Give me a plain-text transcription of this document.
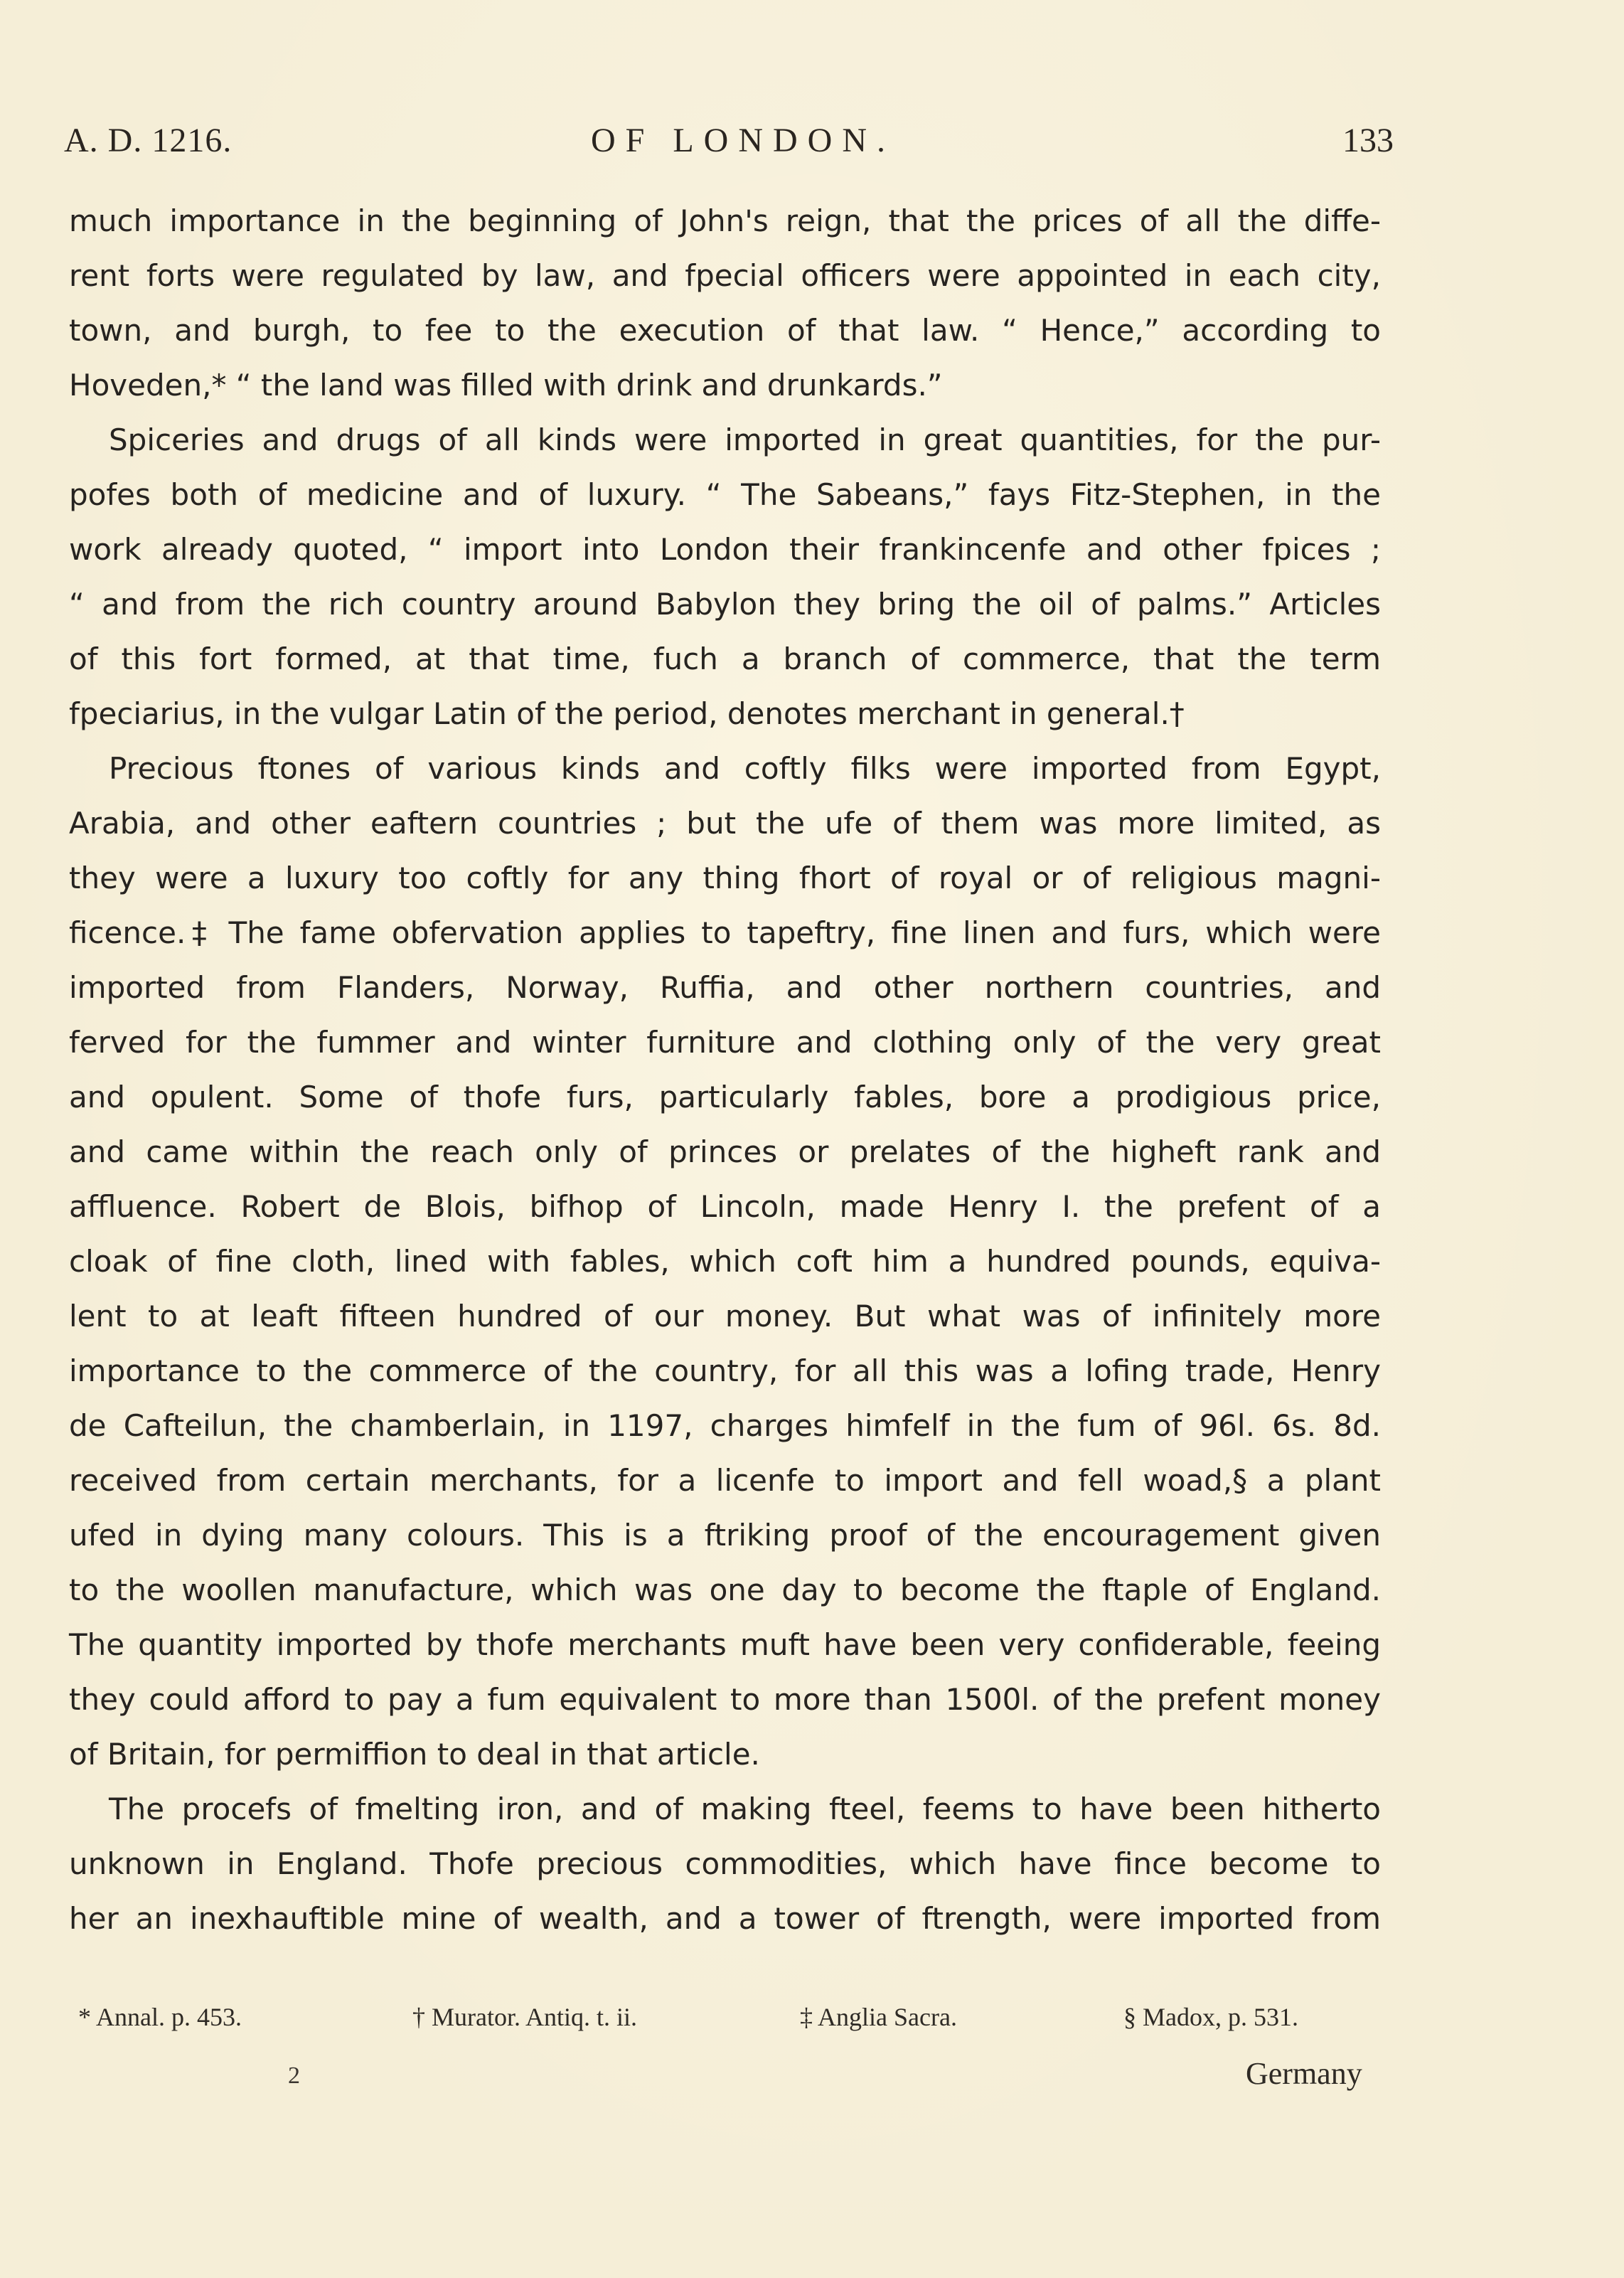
A. D. 1216.	OF LONDON.	133

much importance in the beginning of John's reign, that the prices of all the diffe-

rent forts were regulated by law, and fpecial officers were appointed in each city,

town, and burgh, to fee to the execution of that law. “ Hence,” according to

Hoveden,* “ the land was filled with drink and drunkards.”

Spiceries and drugs of all kinds were imported in great quantities, for the pur-

pofes both of medicine and of luxury. “ The Sabeans,” fays Fitz-Stephen, in the

work already quoted, “ import into London their frankincenfe and other fpices ;

“ and from the rich country around Babylon they bring the oil of palms.” Articles

of this fort formed, at that time, fuch a branch of commerce, that the term

fpeciarius, in the vulgar Latin of the period, denotes merchant in general.†

Precious ftones of various kinds and coftly filks were imported from Egypt,

Arabia, and other eaftern countries ; but the ufe of them was more limited, as

they were a luxury too coftly for any thing fhort of royal or of religious magni-

ficence.‡ The fame obfervation applies to tapeftry, fine linen and furs, which were

imported from Flanders, Norway, Ruffia, and other northern countries, and

ferved for the fummer and winter furniture and clothing only of the very great

and opulent. Some of thofe furs, particularly fables, bore a prodigious price,

and came within the reach only of princes or prelates of the higheft rank and

affluence. Robert de Blois, bifhop of Lincoln, made Henry I. the prefent of a

cloak of fine cloth, lined with fables, which coft him a hundred pounds, equiva-

lent to at leaft fifteen hundred of our money. But what was of infinitely more

importance to the commerce of the country, for all this was a lofing trade, Henry

de Cafteilun, the chamberlain, in 1197, charges himfelf in the fum of 96l. 6s. 8d.

received from certain merchants, for a licenfe to import and fell woad,§ a plant

ufed in dying many colours. This is a ftriking proof of the encouragement given

to the woollen manufacture, which was one day to become the ftaple of England.

The quantity imported by thofe merchants muft have been very confiderable, feeing

they could afford to pay a fum equivalent to more than 1500l. of the prefent money

of Britain, for permiffion to deal in that article.

The procefs of fmelting iron, and of making fteel, feems to have been hitherto

unknown in England. Thofe precious commodities, which have fince become to

her an inexhauftible mine of wealth, and a tower of ftrength, were imported from

* Annal. p. 453.	† Murator. Antiq. t. ii.	‡ Anglia Sacra.	§ Madox, p. 531.
2	Germany
